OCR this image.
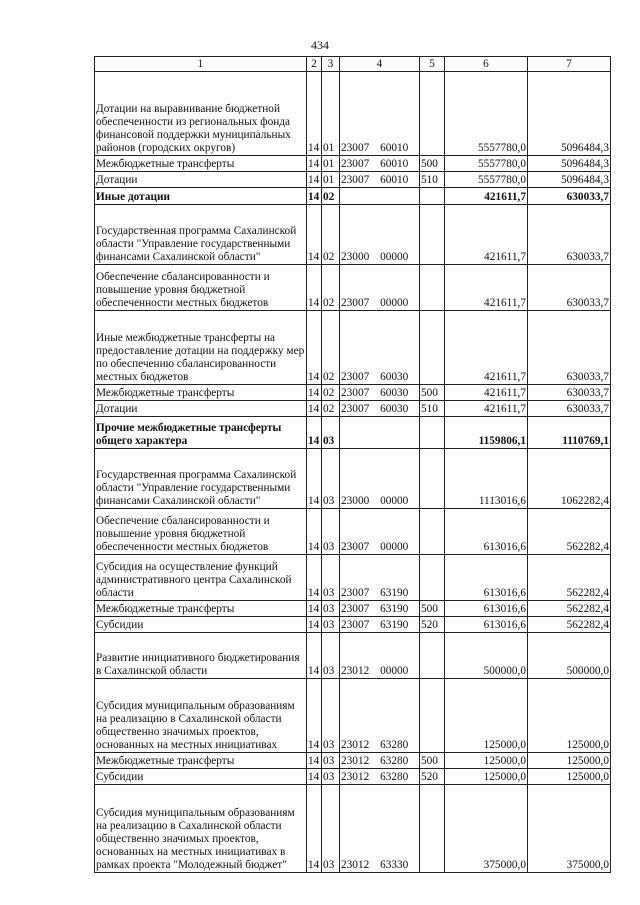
434
1	2	3	4	5	6	7
Дотации на выравнивание бюджетной обеспеченности из региональных фонда финансовой поддержки муниципальных районов (городских округов)	14	01	23007 60010		5557780,0	5096484,3
Межбюджетные трансферты	14	01	23007 60010	500	5557780,0	5096484,3
Дотации	14	01	23007 60010	510	5557780,0	5096484,3
Иные дотации	14	02			421611,7	630033,7
Государственная программа Сахалинской области "Управление государственными финансами Сахалинской области"	14	02	23000 00000		421611,7	630033,7
Обеспечение сбалансированности и повышение уровня бюджетной обеспеченности местных бюджетов	14	02	23007 00000		421611,7	630033,7
Иные межбюджетные трансферты на предоставление дотации на поддержку мер по обеспечению сбалансированности местных бюджетов	14	02	23007 60030		421611,7	630033,7
Межбюджетные трансферты	14	02	23007 60030	500	421611,7	630033,7
Дотации	14	02	23007 60030	510	421611,7	630033,7
Прочие межбюджетные трансферты общего характера	14	03			1159806,1	1110769,1
Государственная программа Сахалинской области "Управление государственными финансами Сахалинской области"	14	03	23000 00000		1113016,6	1062282,4
Обеспечение сбалансированности и повышение уровня бюджетной обеспеченности местных бюджетов	14	03	23007 00000		613016,6	562282,4
Субсидия на осуществление функций административного центра Сахалинской области	14	03	23007 63190		613016,6	562282,4
Межбюджетные трансферты	14	03	23007 63190	500	613016,6	562282,4
Субсидии	14	03	23007 63190	520	613016,6	562282,4
Развитие инициативного бюджетирования в Сахалинской области	14	03	23012 00000		500000,0	500000,0
Субсидия муниципальным образованиям на реализацию в Сахалинской области общественно значимых проектов, основанных на местных инициативах	14	03	23012 63280		125000,0	125000,0
Межбюджетные трансферты	14	03	23012 63280	500	125000,0	125000,0
Субсидии	14	03	23012 63280	520	125000,0	125000,0
Субсидия муниципальным образованиям на реализацию в Сахалинской области общественно значимых проектов, основанных на местных инициативах в рамках проекта "Молодежный бюджет"	14	03	23012 63330		375000,0	375000,0
